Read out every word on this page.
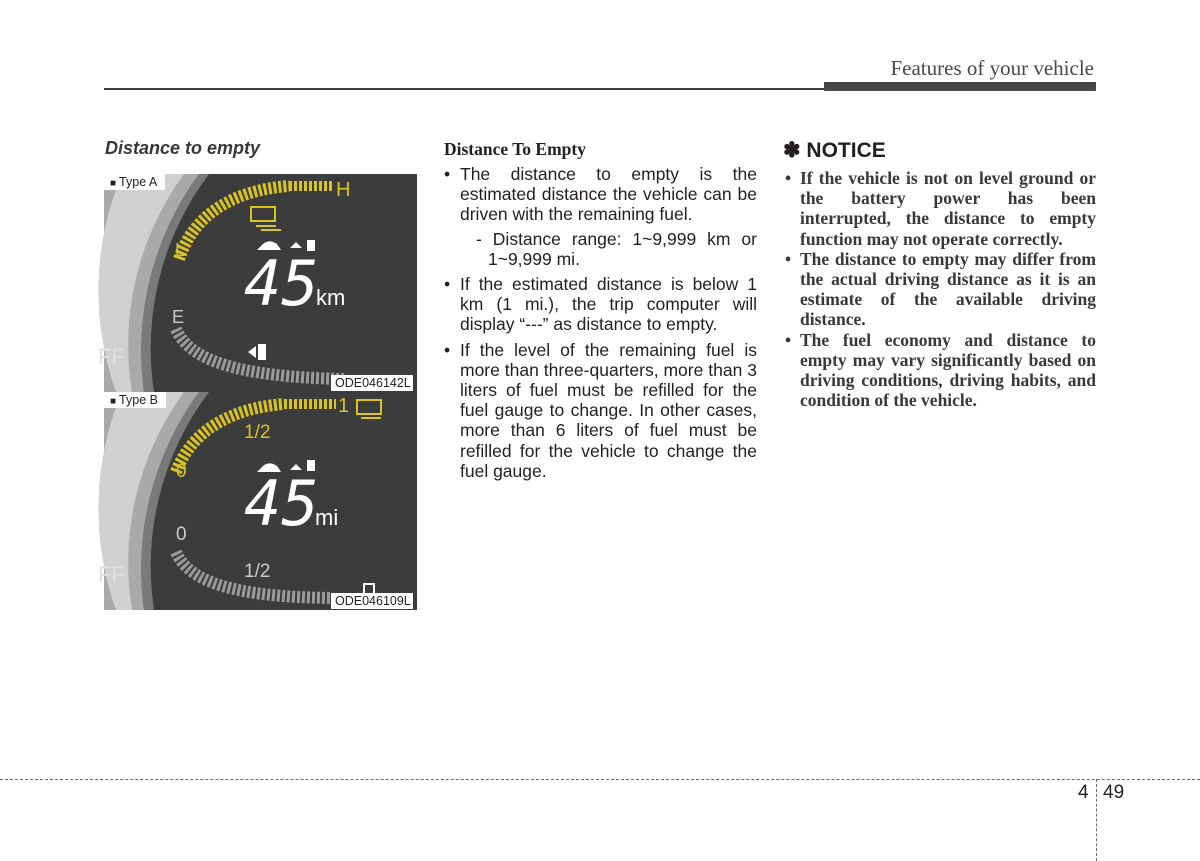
Features of your vehicle
Distance to empty
H
L
E
FF
45
km
■ Type A
ODE046142L
1
1/2
0
0
1/2
FF
45
mi
■ Type B
ODE046109L
Distance To Empty
• The distance to empty is the estimated distance the vehicle can be driven with the remaining fuel.
- Distance range: 1~9,999 km or 1~9,999 mi.
• If the estimated distance is below 1 km (1 mi.), the trip computer will display “---” as distance to empty.
• If the level of the remaining fuel is more than three-quarters, more than 3 liters of fuel must be refilled for the fuel gauge to change. In other cases, more than 6 liters of fuel must be refilled for the vehicle to change the fuel gauge.
✽ NOTICE
• If the vehicle is not on level ground or the battery power has been interrupted, the distance to empty function may not operate correctly.
• The distance to empty may differ from the actual driving distance as it is an estimate of the available driving distance.
• The fuel economy and distance to empty may vary significantly based on driving conditions, driving habits, and condition of the vehicle.
4 49
